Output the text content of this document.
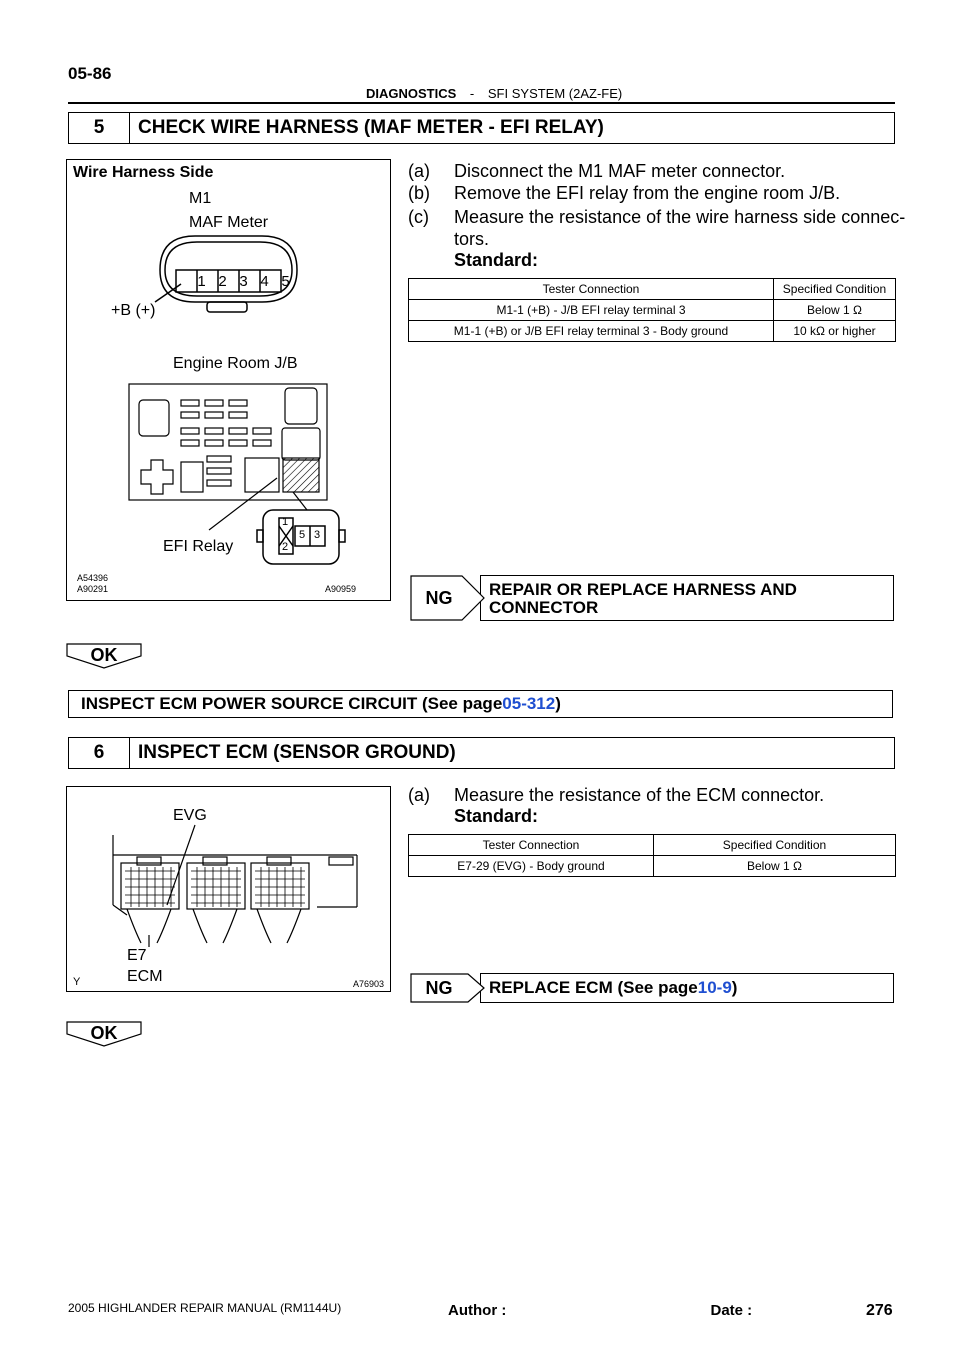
05-86
DIAGNOSTICS - SFI SYSTEM (2AZ-FE)
5	CHECK WIRE HARNESS (MAF METER - EFI RELAY)
Wire Harness Side
M1
MAF Meter
+B (+)
Engine Room J/B
EFI Relay
A54396
A90291	A90959
1 2 3 4 5
1
2
5 3
(a) Disconnect the M1 MAF meter connector.
(b) Remove the EFI relay from the engine room J/B.
(c) Measure the resistance of the wire harness side connec-
tors.
Standard:
Tester Connection	Specified Condition
M1-1 (+B) - J/B EFI relay terminal 3	Below 1 Ω
M1-1 (+B) or J/B EFI relay terminal 3 - Body ground	10 kΩ or higher
NG REPAIR OR REPLACE HARNESS AND
CONNECTOR
OK
INSPECT ECM POWER SOURCE CIRCUIT (See page 05-312 )
6	INSPECT ECM (SENSOR GROUND)
EVG
E7
ECM
Y	A76903
(a) Measure the resistance of the ECM connector.
Standard:
Tester Connection	Specified Condition
E7-29 (EVG) - Body ground	Below 1 Ω
NG REPLACE ECM (See page 10-9 )
OK
2005 HIGHLANDER REPAIR MANUAL (RM1144U)	Author :	Date :	276
